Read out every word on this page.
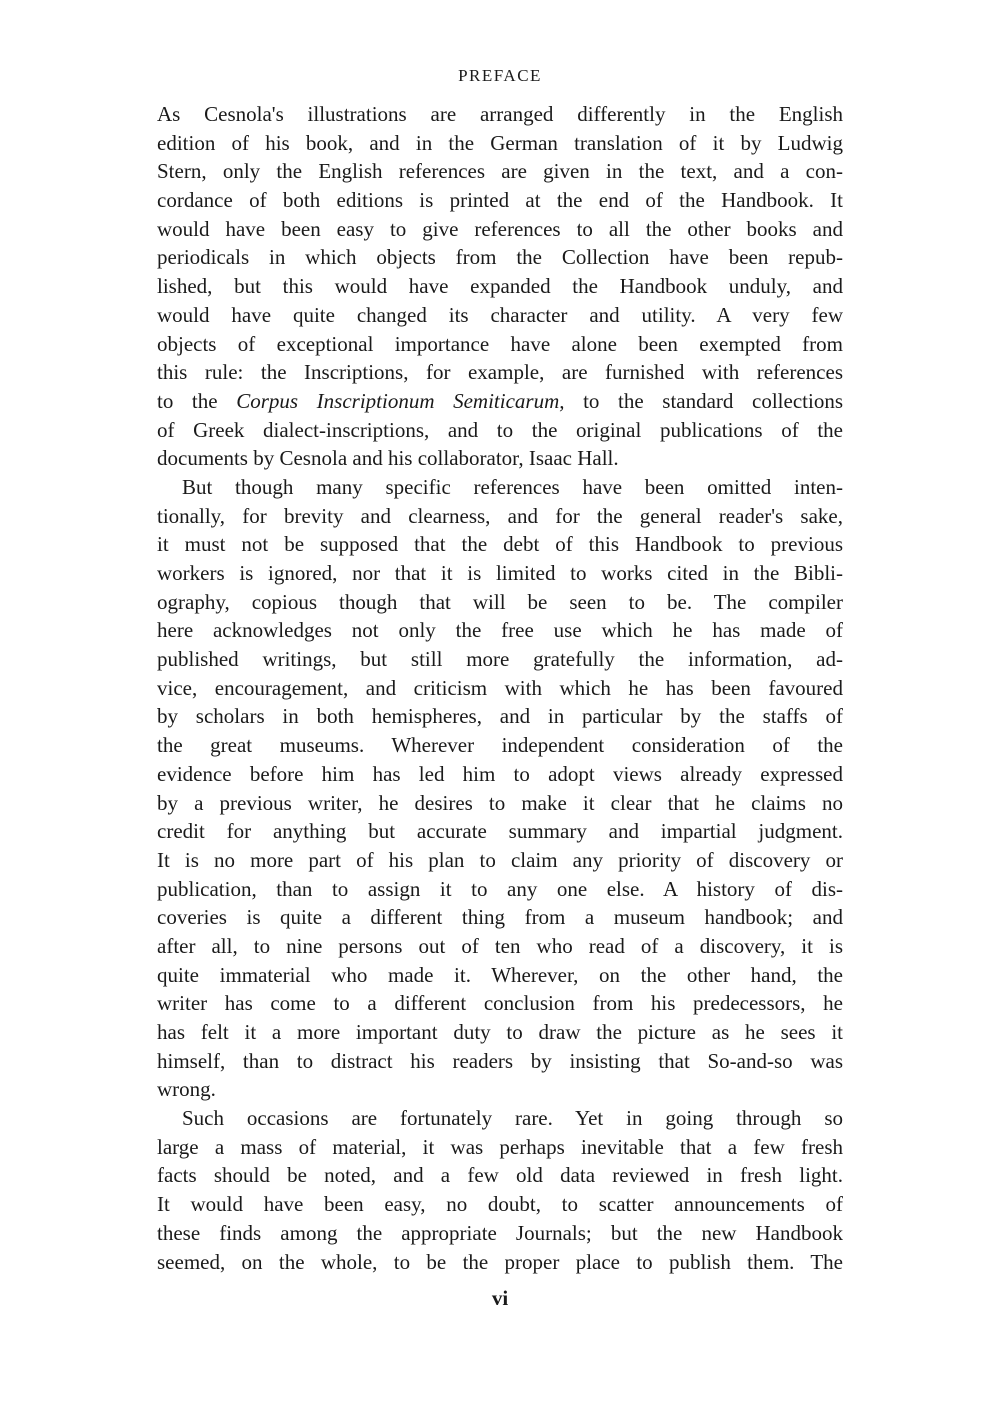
PREFACE
As Cesnola's illustrations are arranged differently in the English
edition of his book, and in the German translation of it by Ludwig
Stern, only the English references are given in the text, and a con-
cordance of both editions is printed at the end of the Handbook. It
would have been easy to give references to all the other books and
periodicals in which objects from the Collection have been repub-
lished, but this would have expanded the Handbook unduly, and
would have quite changed its character and utility. A very few
objects of exceptional importance have alone been exempted from
this rule: the Inscriptions, for example, are furnished with references
to the Corpus Inscriptionum Semiticarum, to the standard collections
of Greek dialect-inscriptions, and to the original publications of the
documents by Cesnola and his collaborator, Isaac Hall.
But though many specific references have been omitted inten-
tionally, for brevity and clearness, and for the general reader's sake,
it must not be supposed that the debt of this Handbook to previous
workers is ignored, nor that it is limited to works cited in the Bibli-
ography, copious though that will be seen to be. The compiler
here acknowledges not only the free use which he has made of
published writings, but still more gratefully the information, ad-
vice, encouragement, and criticism with which he has been favoured
by scholars in both hemispheres, and in particular by the staffs of
the great museums. Wherever independent consideration of the
evidence before him has led him to adopt views already expressed
by a previous writer, he desires to make it clear that he claims no
credit for anything but accurate summary and impartial judgment.
It is no more part of his plan to claim any priority of discovery or
publication, than to assign it to any one else. A history of dis-
coveries is quite a different thing from a museum handbook; and
after all, to nine persons out of ten who read of a discovery, it is
quite immaterial who made it. Wherever, on the other hand, the
writer has come to a different conclusion from his predecessors, he
has felt it a more important duty to draw the picture as he sees it
himself, than to distract his readers by insisting that So-and-so was
wrong.
Such occasions are fortunately rare. Yet in going through so
large a mass of material, it was perhaps inevitable that a few fresh
facts should be noted, and a few old data reviewed in fresh light.
It would have been easy, no doubt, to scatter announcements of
these finds among the appropriate Journals; but the new Handbook
seemed, on the whole, to be the proper place to publish them. The
vi
